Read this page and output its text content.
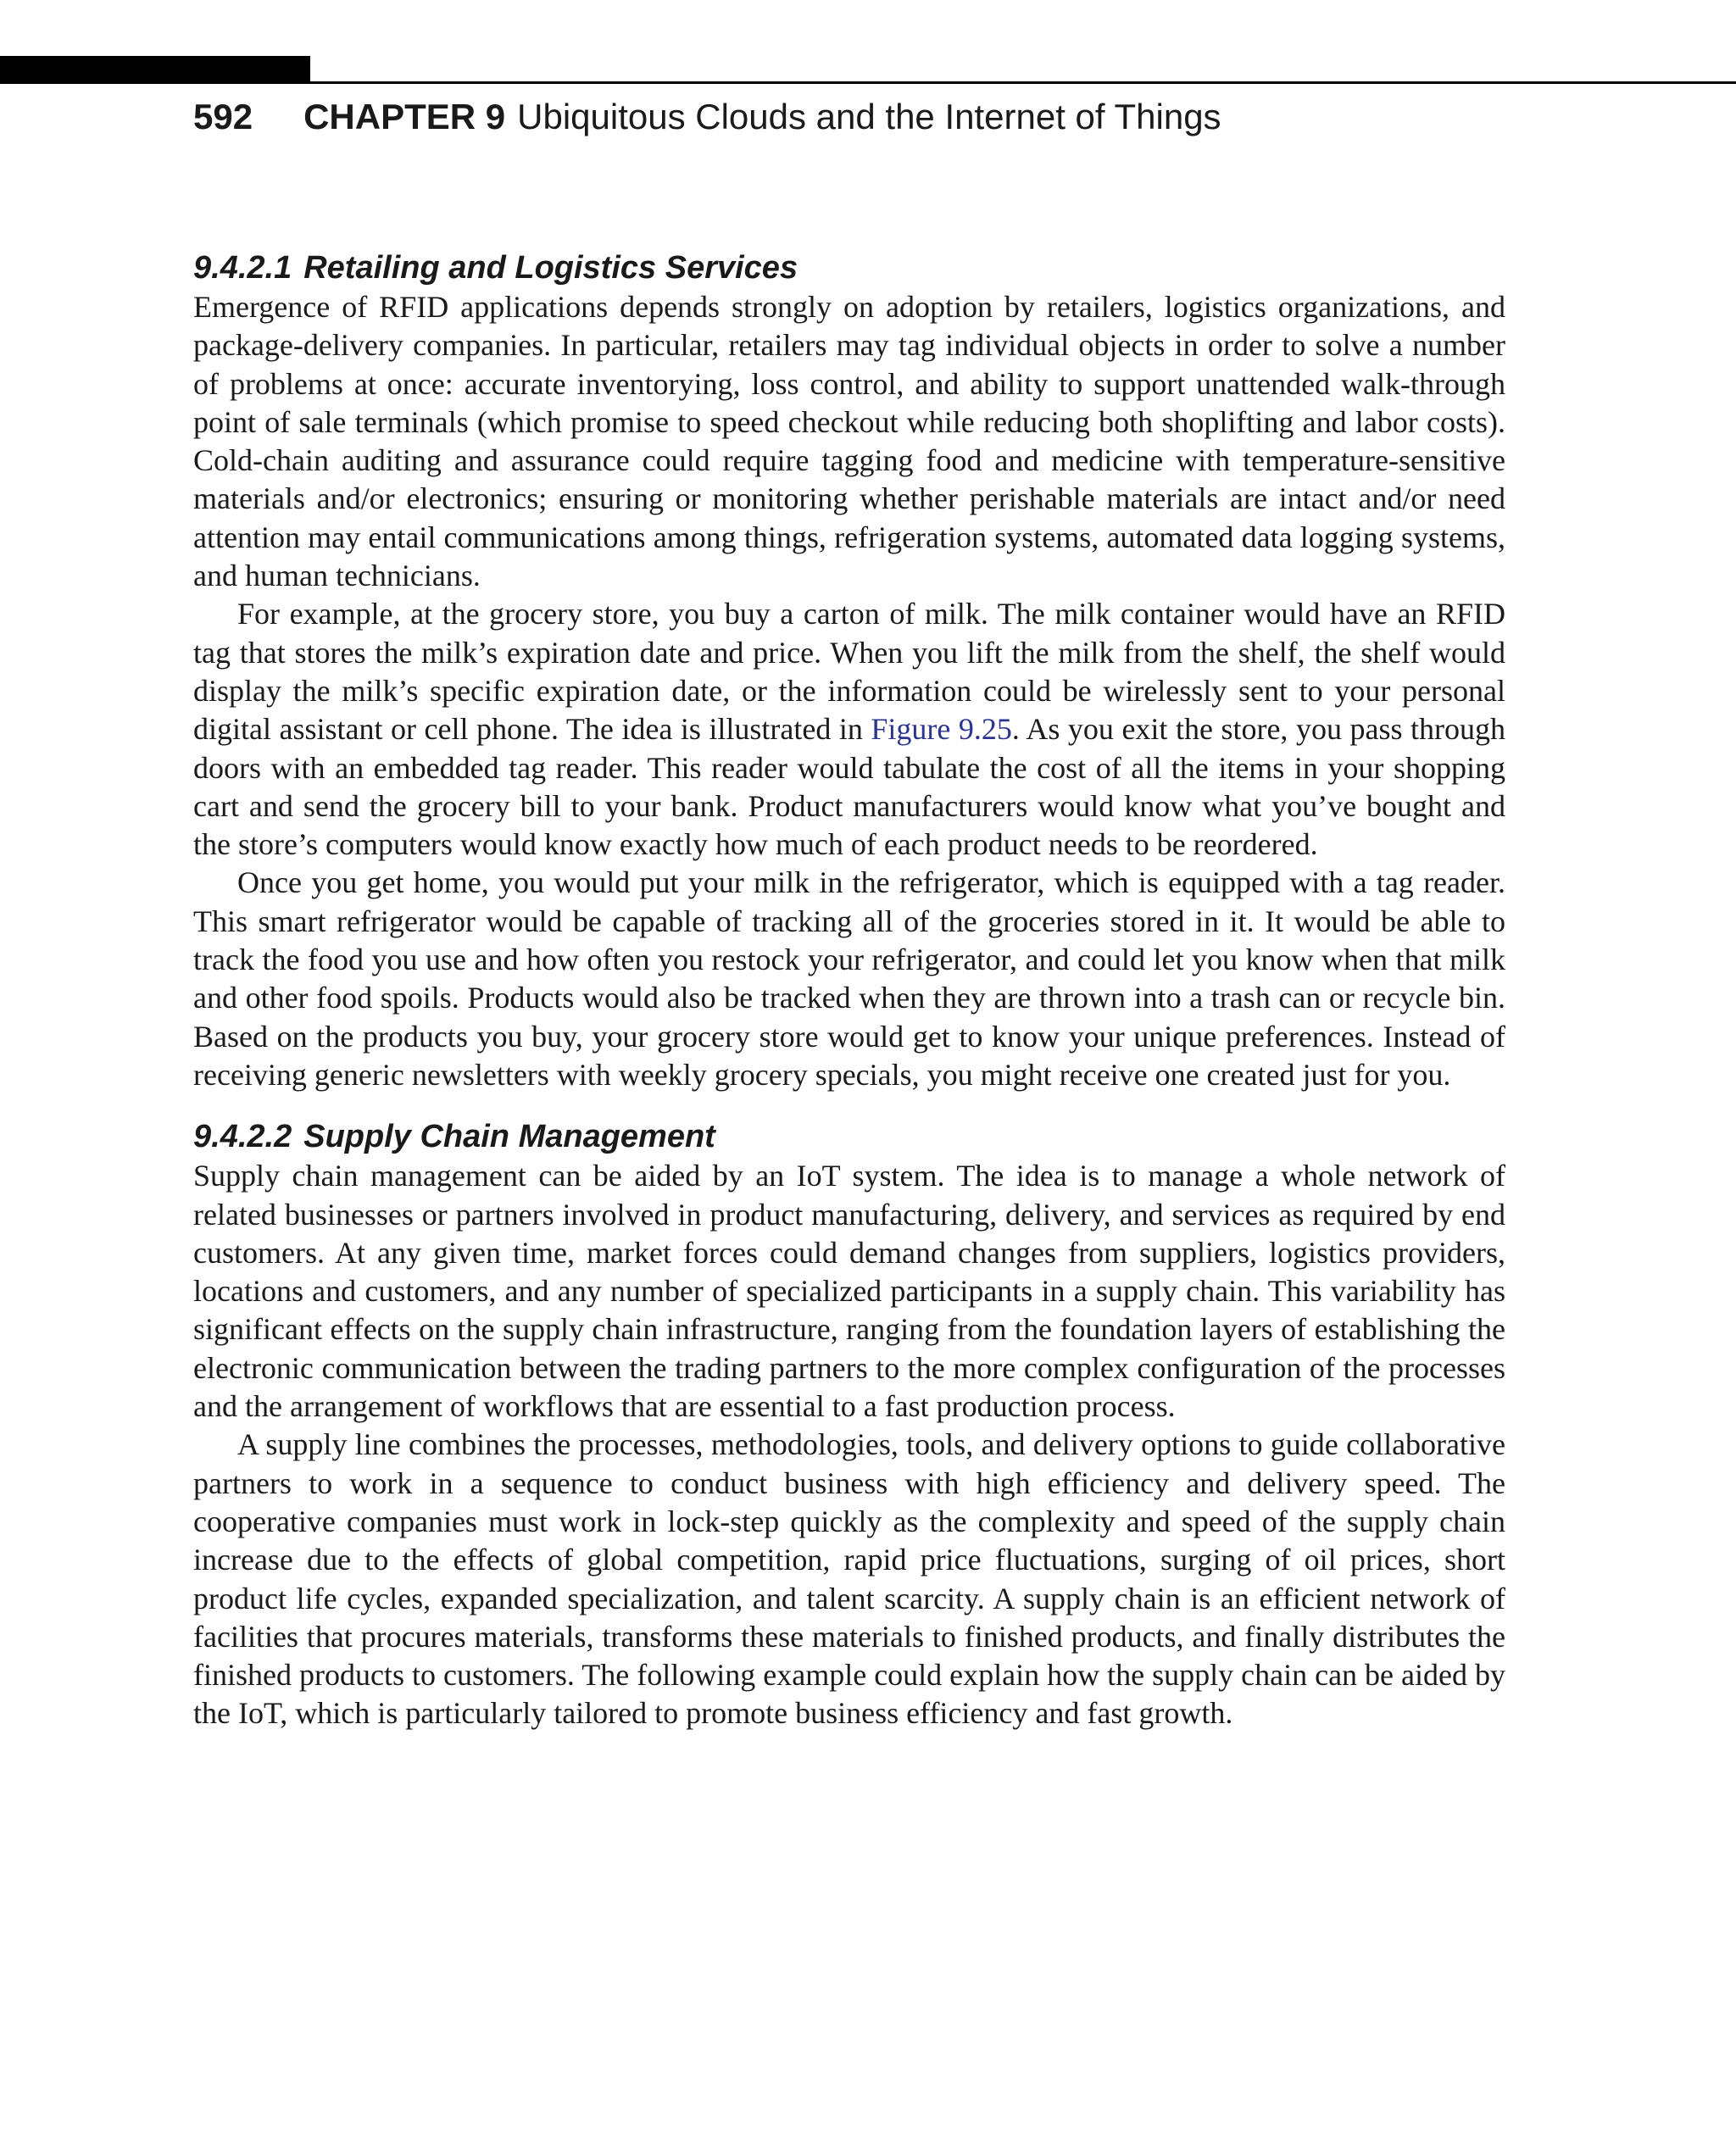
592 CHAPTER 9 Ubiquitous Clouds and the Internet of Things
9.4.2.1 Retailing and Logistics Services

Emergence of RFID applications depends strongly on adoption by retailers, logistics organizations, and package-delivery companies. In particular, retailers may tag individual objects in order to solve a number of problems at once: accurate inventorying, loss control, and ability to support unattended walk-through point of sale terminals (which promise to speed checkout while reducing both shoplifting and labor costs). Cold-chain auditing and assurance could require tagging food and medicine with temperature-sensitive materials and/or electronics; ensuring or monitoring whether perishable materials are intact and/or need attention may entail communications among things, refrigeration systems, automated data logging systems, and human technicians.

For example, at the grocery store, you buy a carton of milk. The milk container would have an RFID tag that stores the milk’s expiration date and price. When you lift the milk from the shelf, the shelf would display the milk’s specific expiration date, or the information could be wirelessly sent to your personal digital assistant or cell phone. The idea is illustrated in Figure 9.25. As you exit the store, you pass through doors with an embedded tag reader. This reader would tabulate the cost of all the items in your shopping cart and send the grocery bill to your bank. Product manufacturers would know what you’ve bought and the store’s computers would know exactly how much of each product needs to be reordered.

Once you get home, you would put your milk in the refrigerator, which is equipped with a tag reader. This smart refrigerator would be capable of tracking all of the groceries stored in it. It would be able to track the food you use and how often you restock your refrigerator, and could let you know when that milk and other food spoils. Products would also be tracked when they are thrown into a trash can or recycle bin. Based on the products you buy, your grocery store would get to know your unique preferences. Instead of receiving generic newsletters with weekly grocery specials, you might receive one created just for you.

9.4.2.2 Supply Chain Management

Supply chain management can be aided by an IoT system. The idea is to manage a whole network of related businesses or partners involved in product manufacturing, delivery, and services as required by end customers. At any given time, market forces could demand changes from suppliers, logistics providers, locations and customers, and any number of specialized participants in a supply chain. This variability has significant effects on the supply chain infrastructure, ranging from the foundation layers of establishing the electronic communication between the trading partners to the more complex configuration of the processes and the arrangement of workflows that are essential to a fast production process.

A supply line combines the processes, methodologies, tools, and delivery options to guide collaborative partners to work in a sequence to conduct business with high efficiency and delivery speed. The cooperative companies must work in lock-step quickly as the complexity and speed of the supply chain increase due to the effects of global competition, rapid price fluctuations, surging of oil prices, short product life cycles, expanded specialization, and talent scarcity. A supply chain is an efficient network of facilities that procures materials, transforms these materials to finished products, and finally distributes the finished products to customers. The following example could explain how the supply chain can be aided by the IoT, which is particularly tailored to promote business efficiency and fast growth.
